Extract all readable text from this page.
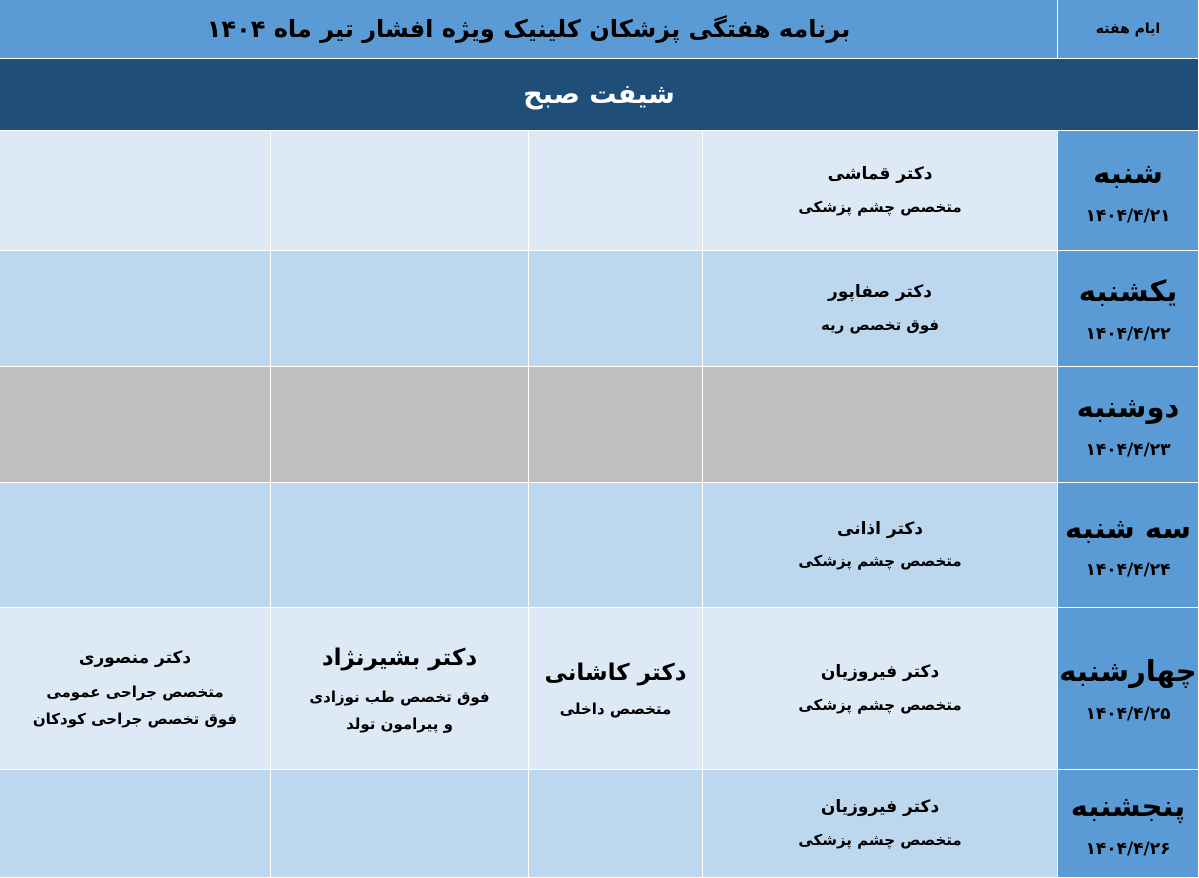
برنامه هفتگی پزشکان کلینیک ویژه افشار تیر ماه ۱۴۰۴	ایام هفته
شیفت صبح
شنبه
۱۴۰۴/۴/۲۱
دکتر قماشی
متخصص چشم پزشکی
یکشنبه
۱۴۰۴/۴/۲۲
دکتر صفاپور
فوق تخصص ریه
دوشنبه
۱۴۰۴/۴/۲۳
سه شنبه
۱۴۰۴/۴/۲۴
دکتر اذانی
متخصص چشم پزشکی
چهارشنبه
۱۴۰۴/۴/۲۵
دکتر فیروزیان
متخصص چشم پزشکی
دکتر کاشانی
متخصص داخلی
دکتر بشیرنژاد
فوق تخصص طب نوزادی
و پیرامون تولد
دکتر منصوری
متخصص جراحی عمومی
فوق تخصص جراحی کودکان
پنجشنبه
۱۴۰۴/۴/۲۶
دکتر فیروزیان
متخصص چشم پزشکی
